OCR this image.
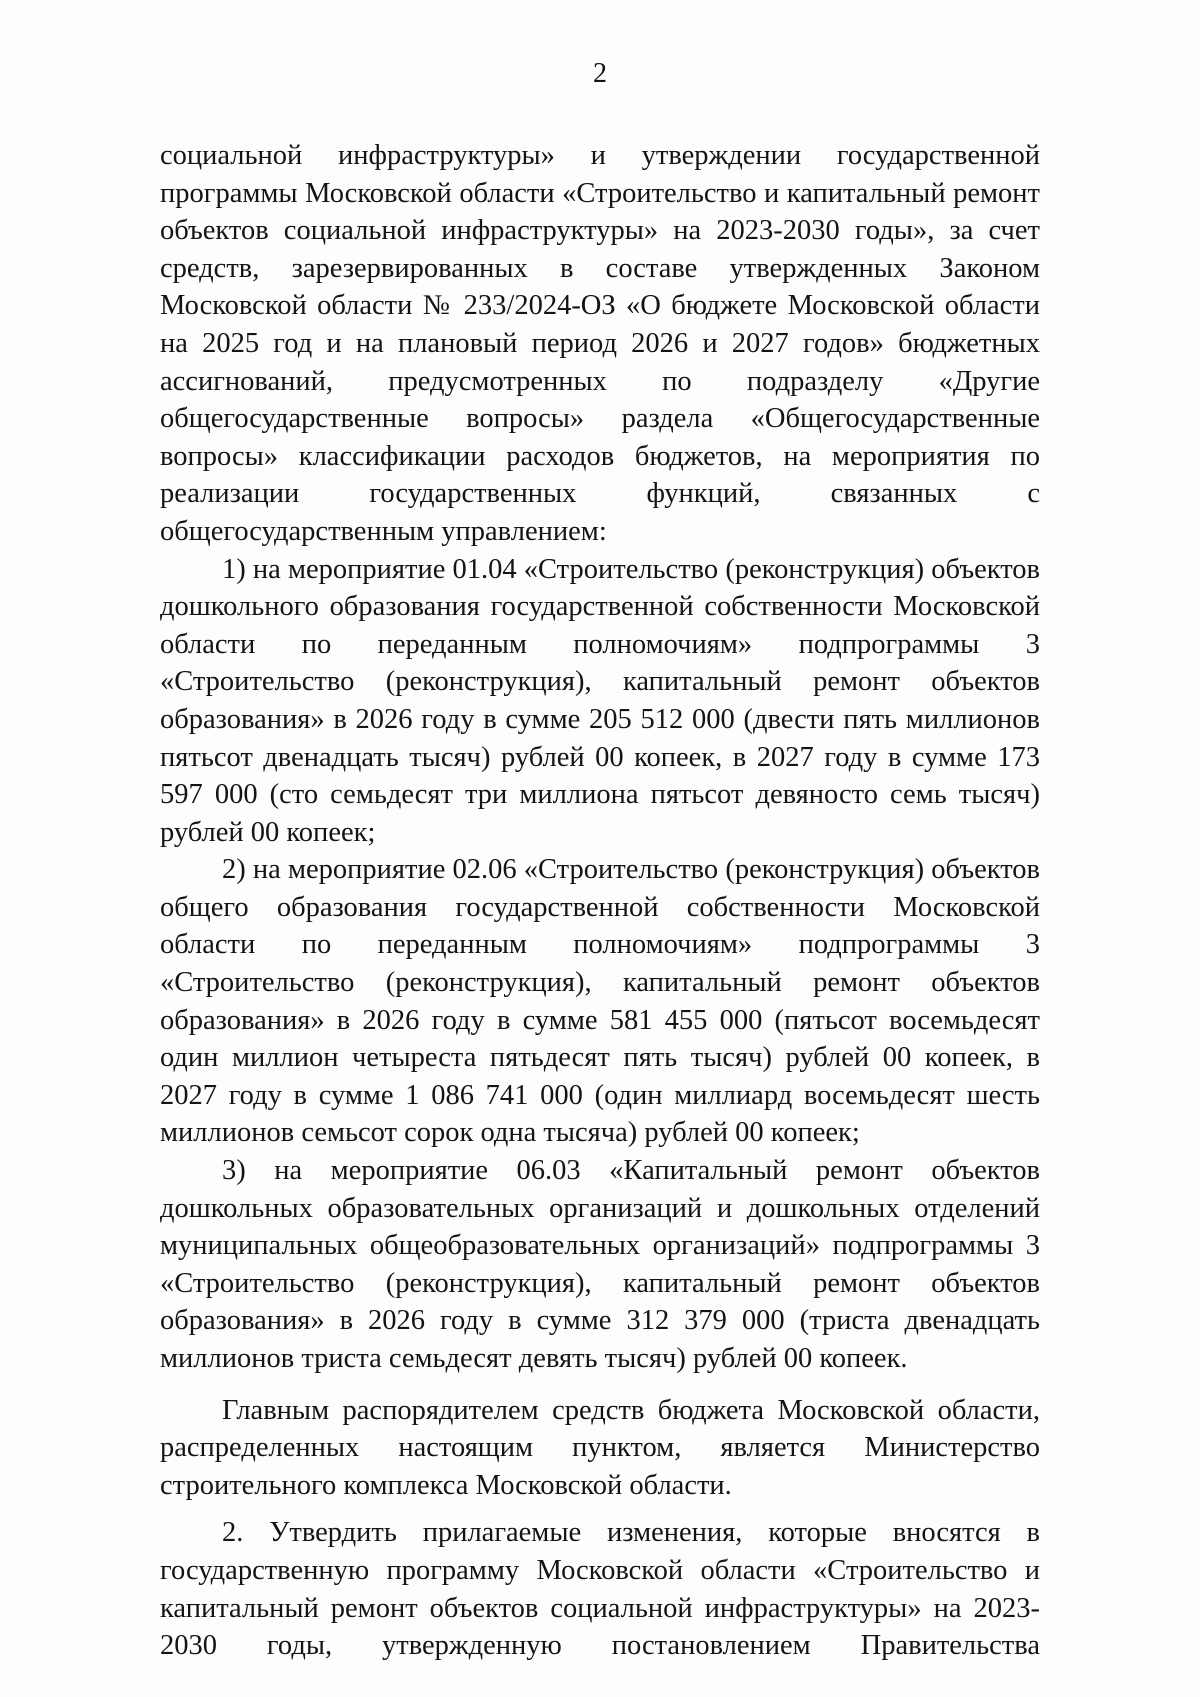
2

социальной инфраструктуры» и утверждении государственной программы Московской области «Строительство и капитальный ремонт объектов социальной инфраструктуры» на 2023-2030 годы», за счет средств, зарезервированных в составе утвержденных Законом Московской области № 233/2024-ОЗ «О бюджете Московской области на 2025 год и на плановый период 2026 и 2027 годов» бюджетных ассигнований, предусмотренных по подразделу «Другие общегосударственные вопросы» раздела «Общегосударственные вопросы» классификации расходов бюджетов, на мероприятия по реализации государственных функций, связанных с общегосударственным управлением:

1) на мероприятие 01.04 «Строительство (реконструкция) объектов дошкольного образования государственной собственности Московской области по переданным полномочиям» подпрограммы 3 «Строительство (реконструкция), капитальный ремонт объектов образования» в 2026 году в сумме 205 512 000 (двести пять миллионов пятьсот двенадцать тысяч) рублей 00 копеек, в 2027 году в сумме 173 597 000 (сто семьдесят три миллиона пятьсот девяносто семь тысяч) рублей 00 копеек;

2) на мероприятие 02.06 «Строительство (реконструкция) объектов общего образования государственной собственности Московской области по переданным полномочиям» подпрограммы 3 «Строительство (реконструкция), капитальный ремонт объектов образования» в 2026 году в сумме 581 455 000 (пятьсот восемьдесят один миллион четыреста пятьдесят пять тысяч) рублей 00 копеек, в 2027 году в сумме 1 086 741 000 (один миллиард восемьдесят шесть миллионов семьсот сорок одна тысяча) рублей 00 копеек;

3) на мероприятие 06.03 «Капитальный ремонт объектов дошкольных образовательных организаций и дошкольных отделений муниципальных общеобразовательных организаций» подпрограммы 3 «Строительство (реконструкция), капитальный ремонт объектов образования» в 2026 году в сумме 312 379 000 (триста двенадцать миллионов триста семьдесят девять тысяч) рублей 00 копеек.

Главным распорядителем средств бюджета Московской области, распределенных настоящим пунктом, является Министерство строительного комплекса Московской области.

2. Утвердить прилагаемые изменения, которые вносятся в государственную программу Московской области «Строительство и капитальный ремонт объектов социальной инфраструктуры» на 2023-2030 годы, утвержденную постановлением Правительства
